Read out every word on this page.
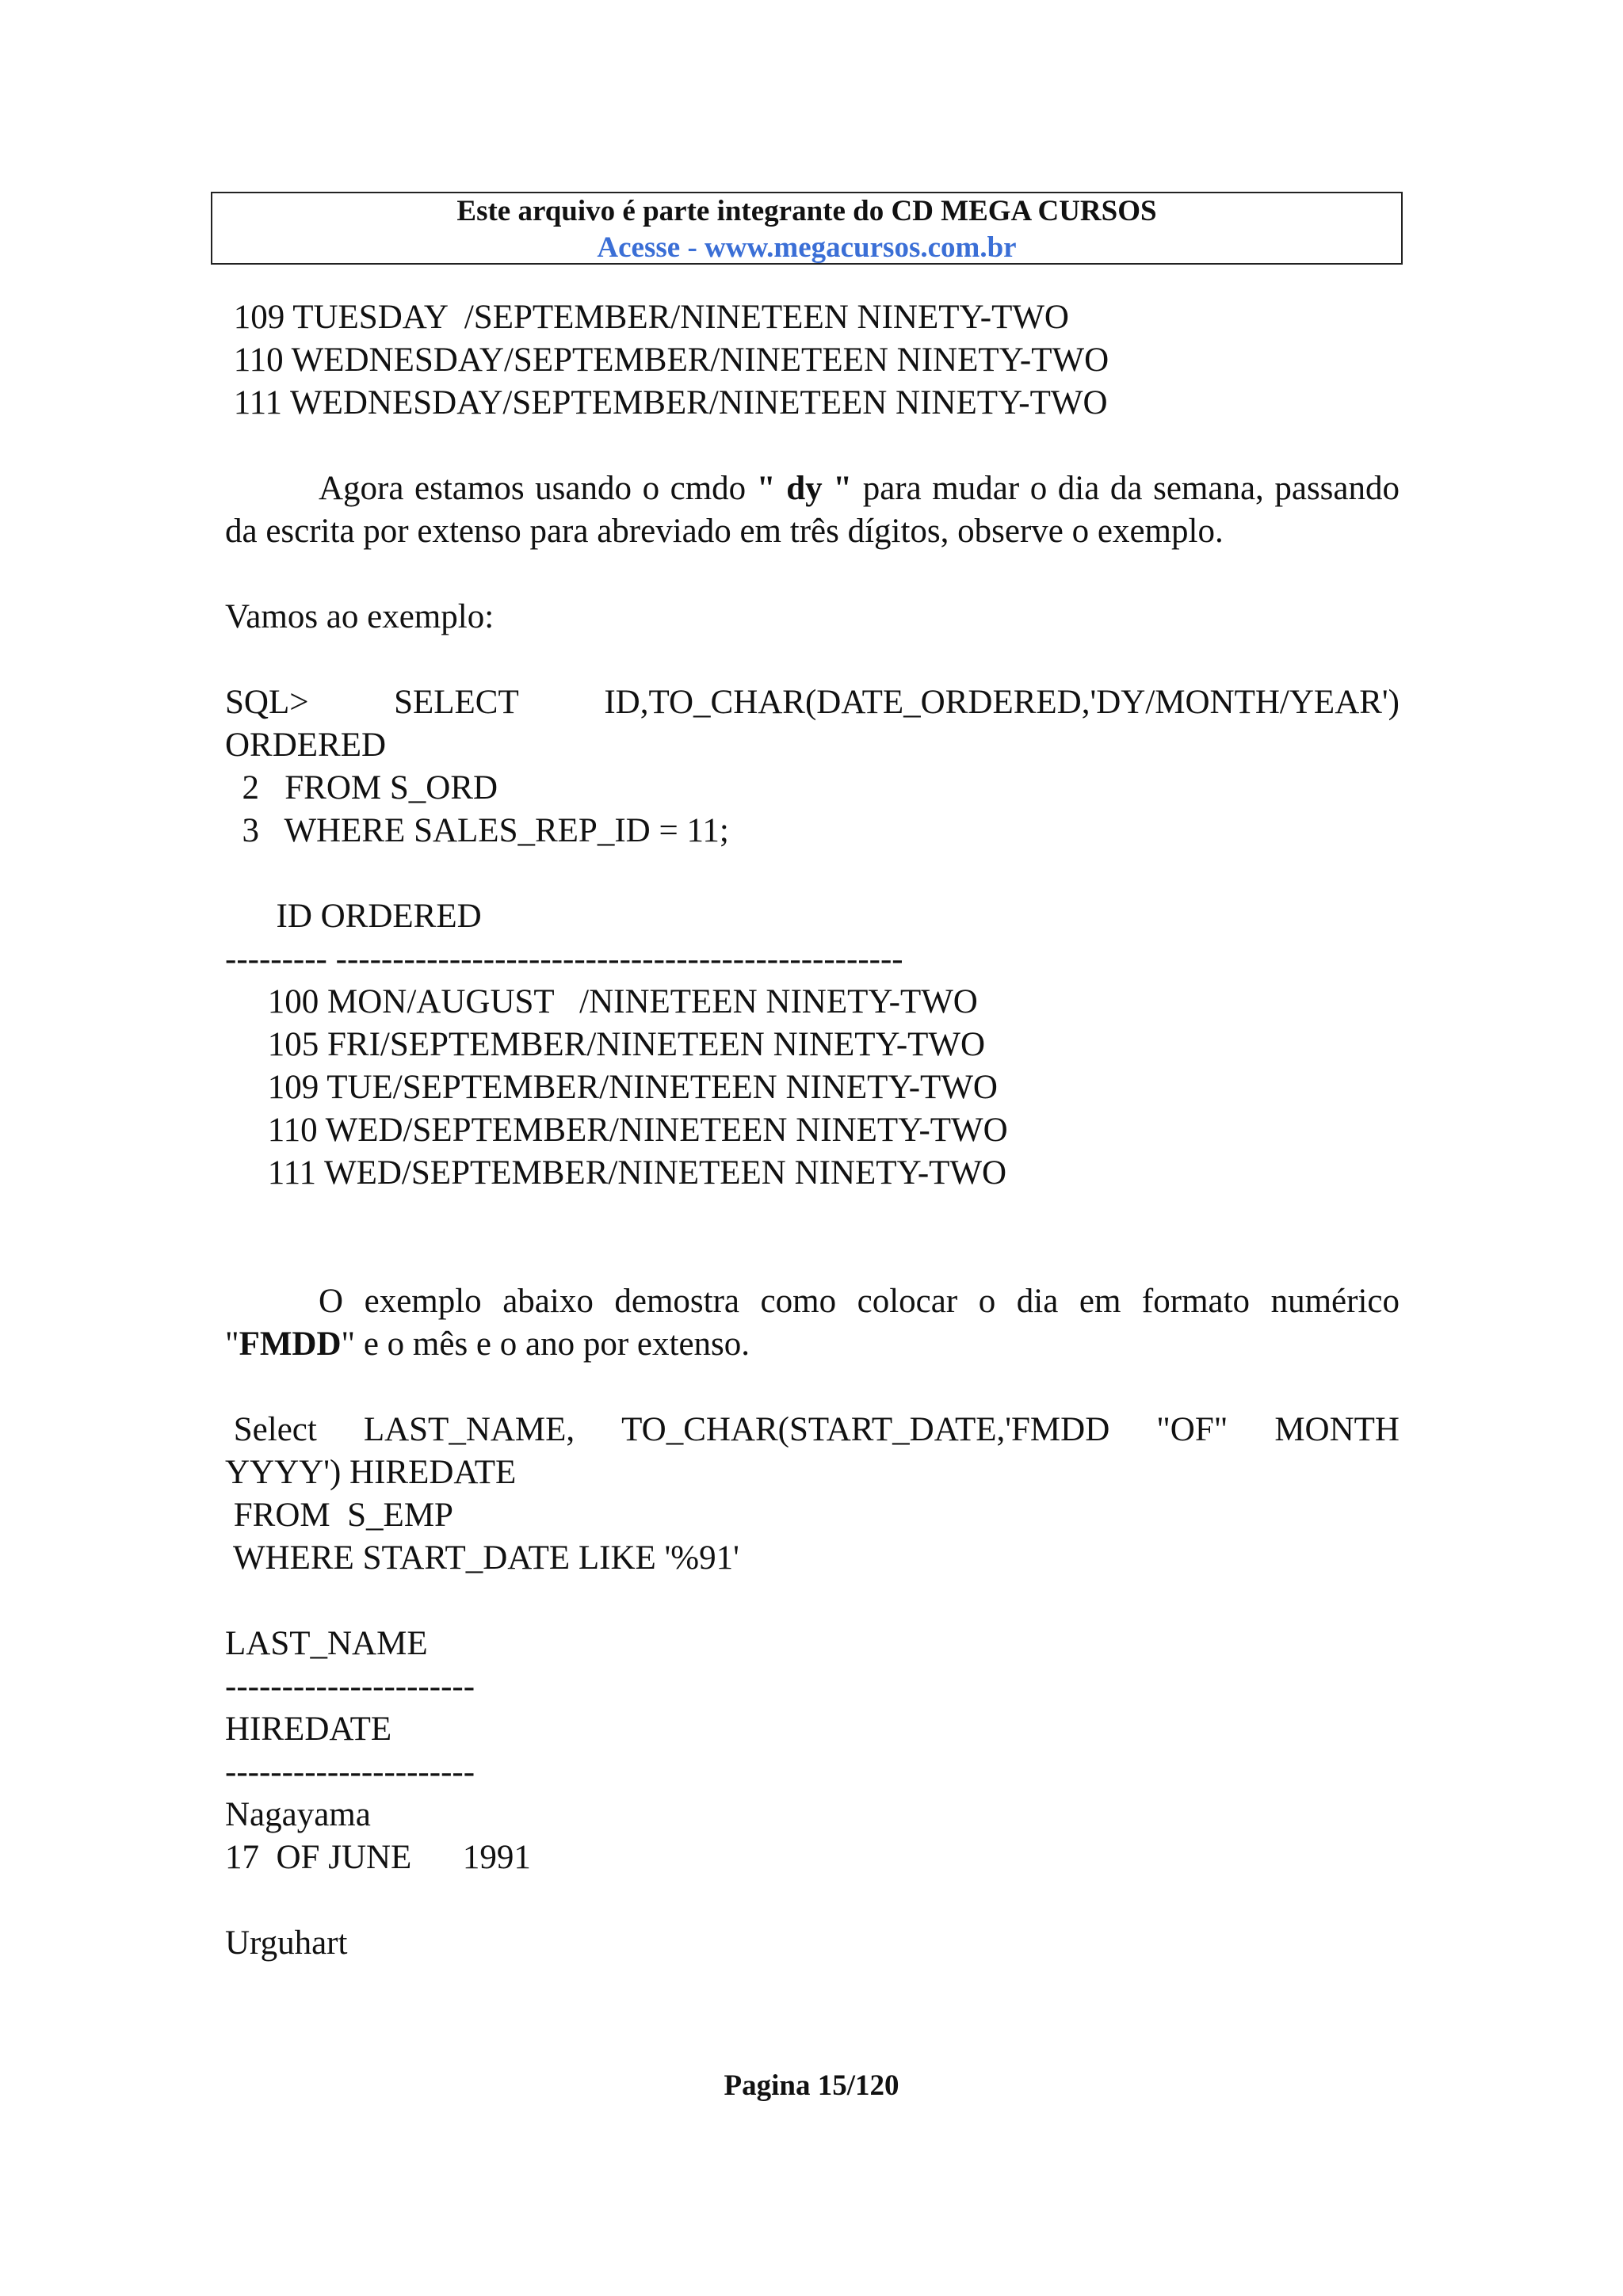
Este arquivo é parte integrante do CD MEGA CURSOS
Acesse - www.megacursos.com.br
109 TUESDAY  /SEPTEMBER/NINETEEN NINETY-TWO
110 WEDNESDAY/SEPTEMBER/NINETEEN NINETY-TWO
111 WEDNESDAY/SEPTEMBER/NINETEEN NINETY-TWO
Agora estamos usando o cmdo " dy " para mudar o dia da semana, passando da escrita por extenso para abreviado em três dígitos, observe o exemplo.
Vamos ao exemplo:
SQL>	SELECT	ID,TO_CHAR(DATE_ORDERED,'DY/MONTH/YEAR')
ORDERED
2   FROM S_ORD
3   WHERE SALES_REP_ID = 11;
ID ORDERED
--------- --------------------------------------------------
100 MON/AUGUST   /NINETEEN NINETY-TWO
105 FRI/SEPTEMBER/NINETEEN NINETY-TWO
109 TUE/SEPTEMBER/NINETEEN NINETY-TWO
110 WED/SEPTEMBER/NINETEEN NINETY-TWO
111 WED/SEPTEMBER/NINETEEN NINETY-TWO
O exemplo abaixo demostra como colocar o dia em formato numérico
"FMDD" e o mês e o ano por extenso.
Select LAST_NAME, TO_CHAR(START_DATE,'FMDD "OF" MONTH
YYYY') HIREDATE
FROM  S_EMP
WHERE START_DATE LIKE '%91'
LAST_NAME
----------------------
HIREDATE
----------------------
Nagayama
17  OF JUNE      1991
Urguhart
Pagina 15/120
